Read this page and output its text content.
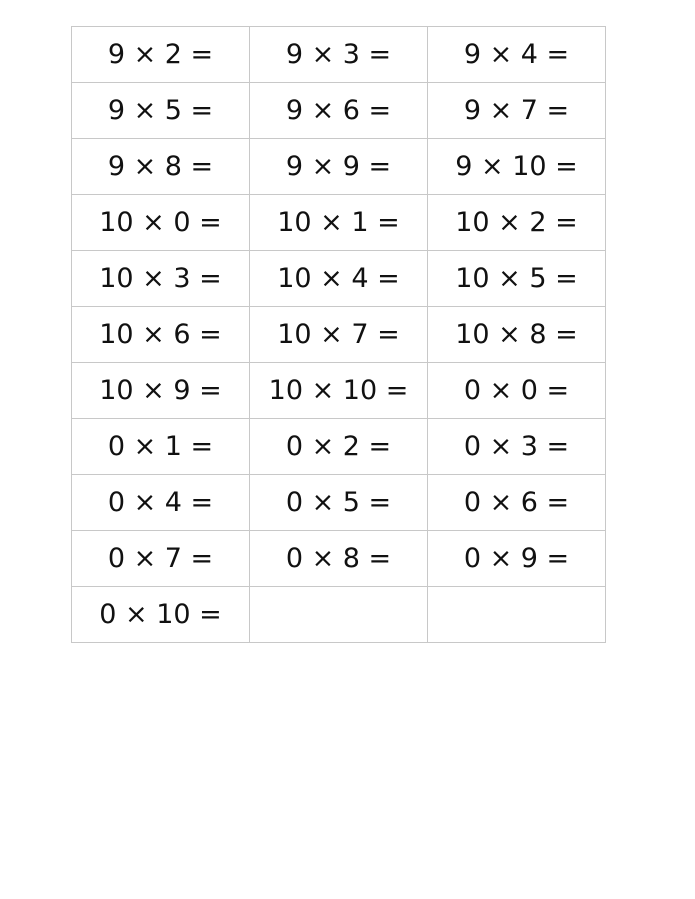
9 × 2 =	9 × 3 =	9 × 4 =
9 × 5 =	9 × 6 =	9 × 7 =
9 × 8 =	9 × 9 =	9 × 10 =
10 × 0 =	10 × 1 =	10 × 2 =
10 × 3 =	10 × 4 =	10 × 5 =
10 × 6 =	10 × 7 =	10 × 8 =
10 × 9 =	10 × 10 =	0 × 0 =
0 × 1 =	0 × 2 =	0 × 3 =
0 × 4 =	0 × 5 =	0 × 6 =
0 × 7 =	0 × 8 =	0 × 9 =
0 × 10 =		
